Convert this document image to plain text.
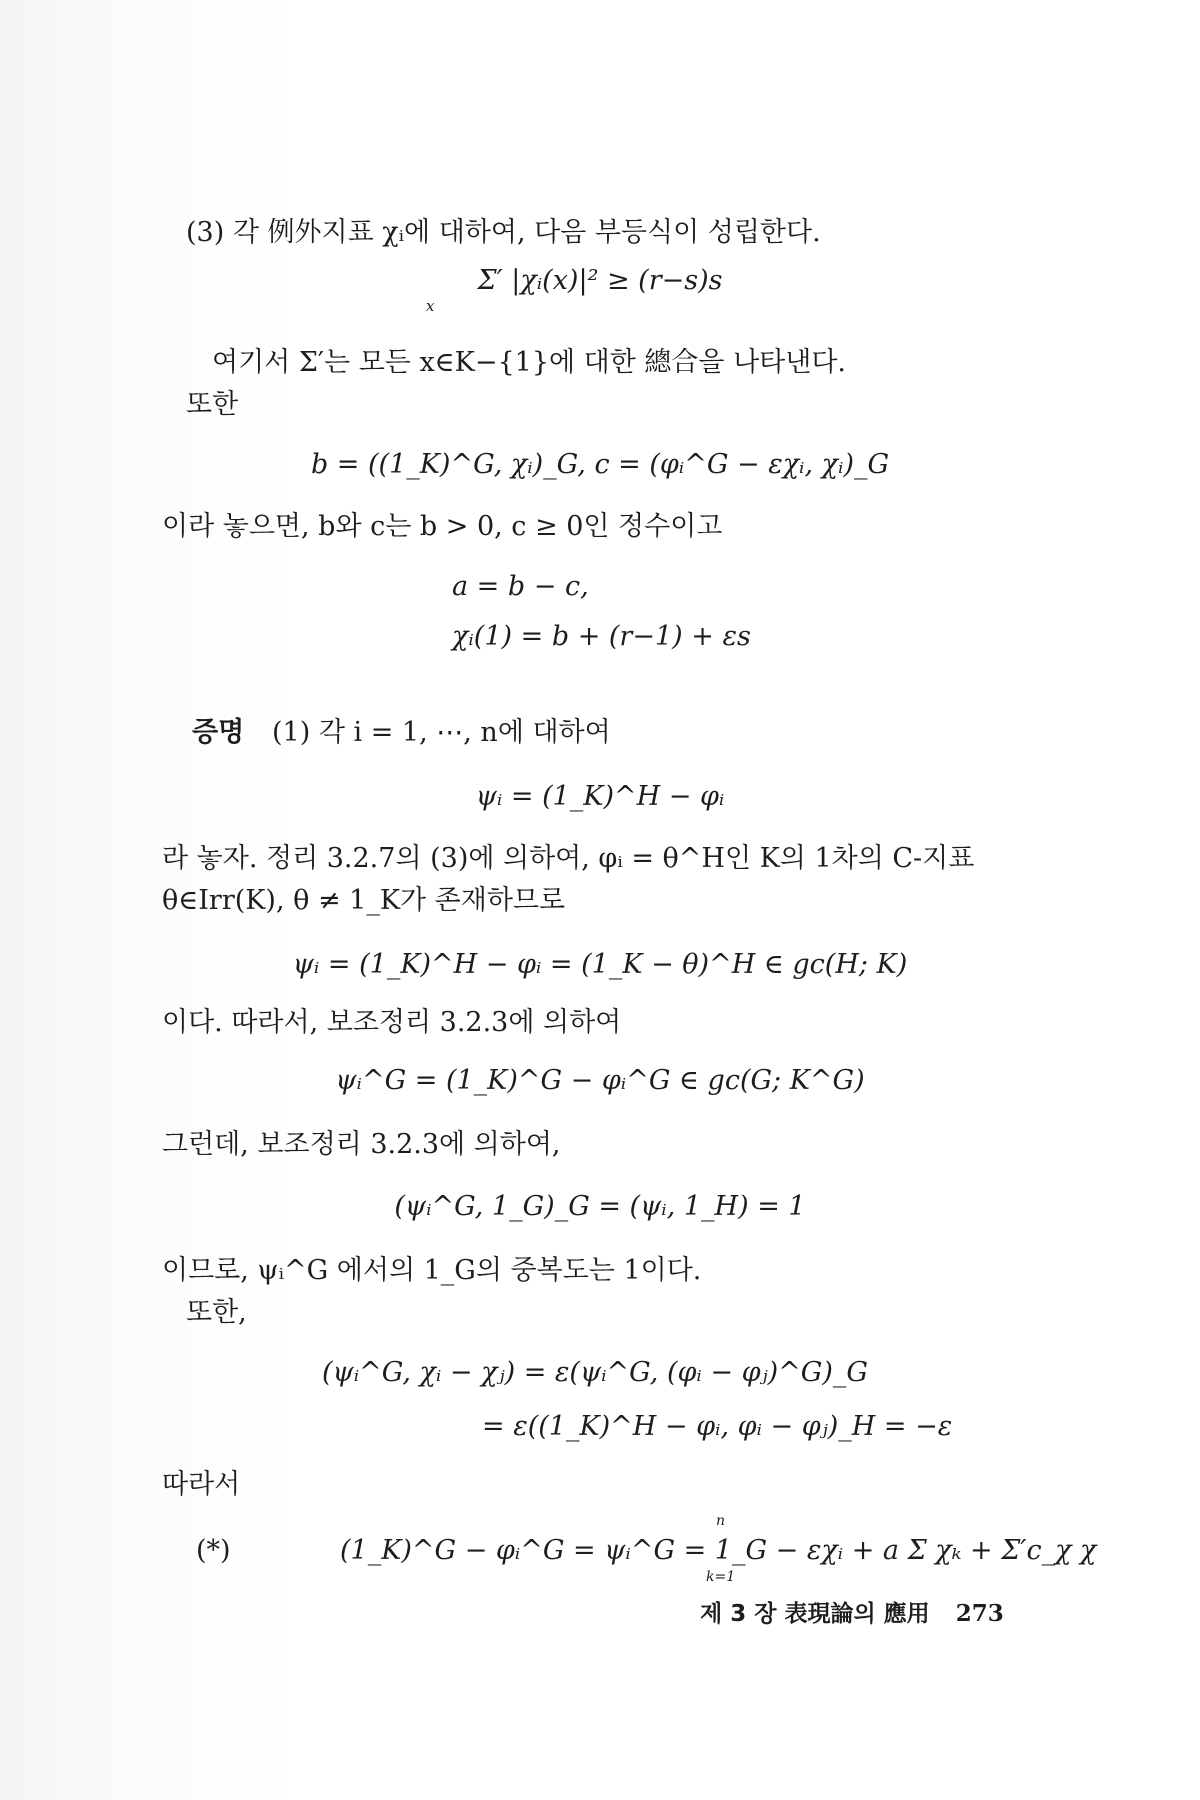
(3) 각 例外지표 χᵢ에 대하여, 다음 부등식이 성립한다.
Σ′ |χᵢ(x)|² ≥ (r−s)s
x
여기서 Σ′는 모든 x∈K−{1}에 대한 總合을 나타낸다.
또한
b = ((1_K)^G, χᵢ)_G, c = (φᵢ^G − εχᵢ, χᵢ)_G
이라 놓으면, b와 c는 b > 0, c ≥ 0인 정수이고
a = b − c,
χᵢ(1) = b + (r−1) + εs
증명 (1) 각 i = 1, ⋯, n에 대하여
ψᵢ = (1_K)^H − φᵢ
라 놓자. 정리 3.2.7의 (3)에 의하여, φᵢ = θ^H인 K의 1차의 C-지표
θ∈Irr(K), θ ≠ 1_K가 존재하므로
ψᵢ = (1_K)^H − φᵢ = (1_K − θ)^H ∈ gc(H; K)
이다. 따라서, 보조정리 3.2.3에 의하여
ψᵢ^G = (1_K)^G − φᵢ^G ∈ gc(G; K^G)
그런데, 보조정리 3.2.3에 의하여,
(ψᵢ^G, 1_G)_G = (ψᵢ, 1_H) = 1
이므로, ψᵢ^G 에서의 1_G의 중복도는 1이다.
또한,
(ψᵢ^G, χᵢ − χⱼ) = ε(ψᵢ^G, (φᵢ − φⱼ)^G)_G
= ε((1_K)^H − φᵢ, φᵢ − φⱼ)_H = −ε
따라서
(*)	(1_K)^G − φᵢ^G = ψᵢ^G = 1_G − εχᵢ + a Σ χₖ + Σ′c_χ χ
n
k=1
제 3 장 表現論의 應用 273
